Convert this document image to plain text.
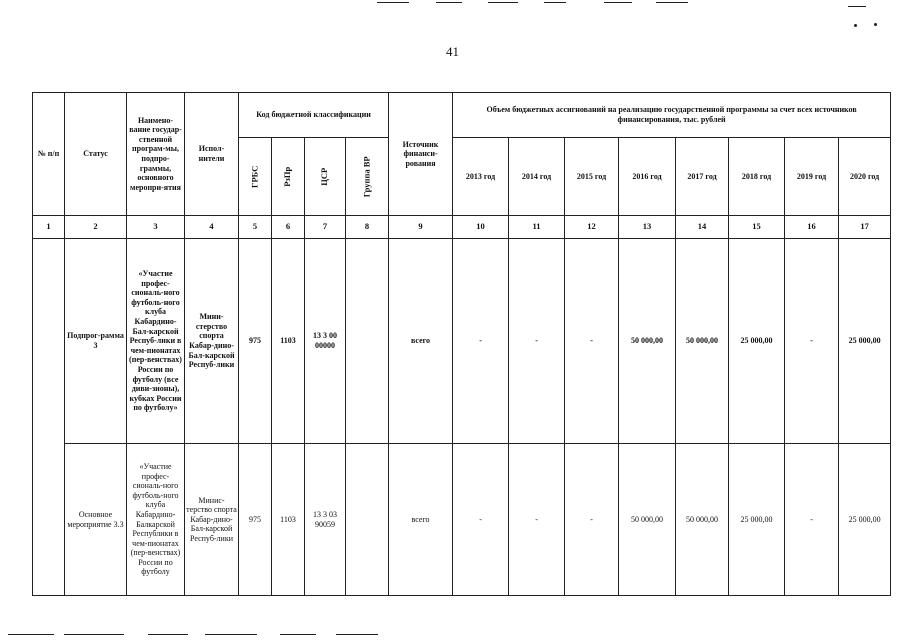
41
№ п/п	Статус	Наимено-вание государ-ственной програм-мы, подпро-граммы, основного меропри-ятия	Испол-нители	Код бюджетной классификации				Источник финанси-рования	Объем бюджетных ассигнований на реализацию государственной программы за счет всех источников финансирования, тыс. рублей							
				ГРБС	РзПр	ЦСР	Группа ВР		2013 год	2014 год	2015 год	2016 год	2017 год	2018 год	2019 год	2020 год
1	2	3	4	5	6	7	8	9	10	11	12	13	14	15	16	17
	Подпрог-рамма 3	«Участие профес-сиональ-ного футболь-ного клуба Кабардино-Бал-карской Респуб-лики в чем-пионатах (пер-венствах) России по футболу (все диви-зионы), кубках России по футболу»	Мини-стерство спорта Кабар-дино-Бал-карской Респуб-лики	975	1103	13 3 00 00000		всего	-	-	-	50 000,00	50 000,00	25 000,00	-	25 000,00
	Основное мероприятие 3.3	«Участие профес-сиональ-ного футболь-ного клуба Кабардино-Балкарской Республики в чем-пионатах (пер-венствах) России по футболу	Минис-терство спорта Кабар-дино-Бал-карской Респуб-лики	975	1103	13 3 03 90059		всего	-	-	-	50 000,00	50 000,00	25 000,00	-	25 000,00
